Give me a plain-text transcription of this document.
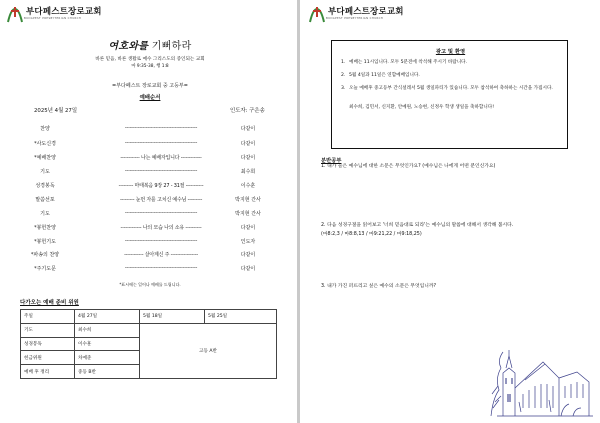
부다페스트장로교회
BUDAPEST PRESBYTERIAN CHURCH
여호와를 기뻐하라
바른 믿음, 바른 생활로 예수 그리스도의 증인되는 교회
마 9:35-38, 행 1:8
=부다페스트 장로교회 중 고등부=
예배순서
2025년 4월 27일	인도자: 구은송
찬양	---------------------------------------------	다같이
*사도신경	---------------------------------------------	다같이
*예배찬양	------------ 나는 예배자입니다 -------------	다같이
기도	---------------------------------------------	최수희
성경봉독	--------- 마태복음 9장 27 - 31절 -----------	이수훈
말씀선포	--------- 눈먼 자를 고치신 예수님 ---------	박지현 간사
기도	---------------------------------------------	박지현 간사
*봉헌찬양	------------- 나의 모습 나의 소유 ----------	다같이
*봉헌기도	---------------------------------------------	인도자
*파송의 찬양	------------ 살아계신 주 -----------------	다같이
*주기도문	---------------------------------------------	다같이
*표시에는 일어나 예배를 드립니다.
다가오는 예배 준비 위원
주일	4월 27일	5월 18일	5월 25일
기도	최수희	고등 A반	
성경봉독	이수훈		
헌금위원	차예준		
예배 후 정리	중등 B반		
부다페스트장로교회
BUDAPEST PRESBYTERIAN CHURCH
광고 및 환영
1. 예배는 11시입니다. 모두 5분전에 착석해 주시기 바랍니다.
2. 5월 4일과 11일은 연합예배입니다.
3. 오늘 예배후 중고등부 간식설레서 5월 생일파티가 있습니다. 모두 참석하여 축하하는 시간을 가집시다.
최수희, 김민서, 신지환, 안예원, 노승현, 신정우 학생 생일을 축하합니다!
분반공부
1. 내가 들은 예수님에 대한 소문은 무엇인가요? (예수님은 나에게 어떤 분인신가요)
2. 다음 성경구절을 읽어보고 '너희 믿음대로 되라'는 예수님의 말씀에 대해서 생각해 봅시다.
(마8:2,3 / 마8:8,13 / 마9:21,22 / 마9:18,25)
3. 내가 가진 퍼뜨리고 싶은 예수의 소문은 무엇입니까?
